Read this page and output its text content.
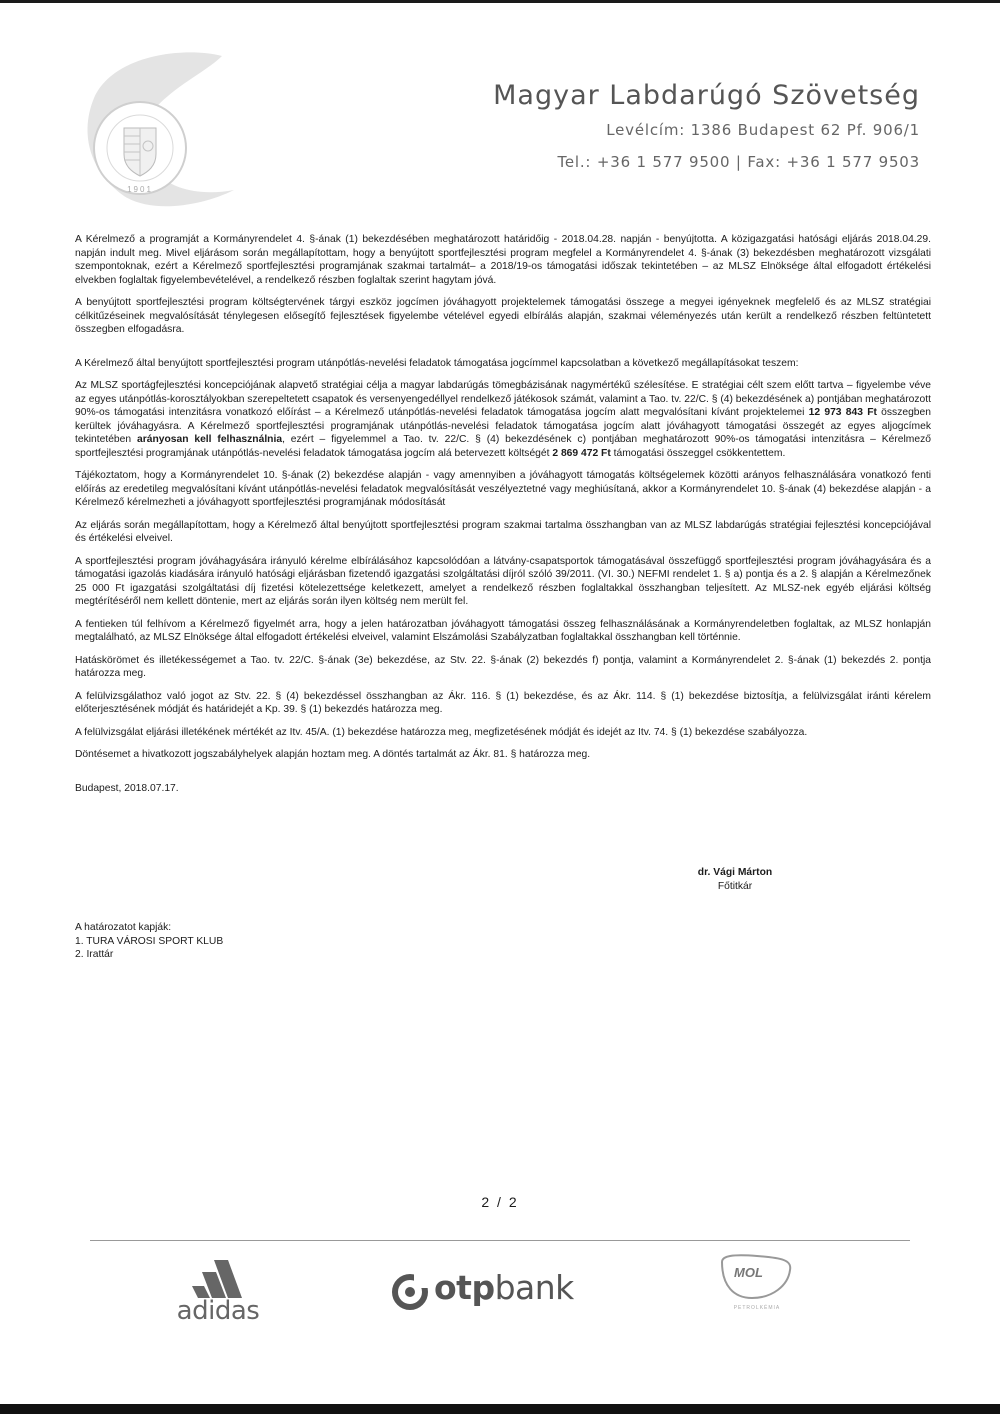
1901
Magyar Labdarúgó Szövetség
Levélcím: 1386 Budapest 62 Pf. 906/1
Tel.: +36 1 577 9500 | Fax: +36 1 577 9503

A Kérelmező a programját a Kormányrendelet 4. §-ának (1) bekezdésében meghatározott határidőig - 2018.04.28. napján - benyújtotta. A közigazgatási hatósági eljárás 2018.04.29. napján indult meg. Mivel eljárásom során megállapítottam, hogy a benyújtott sportfejlesztési program megfelel a Kormányrendelet 4. §-ának (3) bekezdésben meghatározott vizsgálati szempontoknak, ezért a Kérelmező sportfejlesztési programjának szakmai tartalmát– a 2018/19-os támogatási időszak tekintetében – az MLSZ Elnöksége által elfogadott értékelési elvekben foglaltak figyelembevételével, a rendelkező részben foglaltak szerint hagytam jóvá.

A benyújtott sportfejlesztési program költségtervének tárgyi eszköz jogcímen jóváhagyott projektelemek támogatási összege a megyei igényeknek megfelelő és az MLSZ stratégiai célkitűzéseinek megvalósítását ténylegesen elősegítő fejlesztések figyelembe vételével egyedi elbírálás alapján, szakmai véleményezés után került a rendelkező részben feltüntetett összegben elfogadásra.

A Kérelmező által benyújtott sportfejlesztési program utánpótlás-nevelési feladatok támogatása jogcímmel kapcsolatban a következő megállapításokat teszem:

Az MLSZ sportágfejlesztési koncepciójának alapvető stratégiai célja a magyar labdarúgás tömegbázisának nagymértékű szélesítése. E stratégiai célt szem előtt tartva – figyelembe véve az egyes utánpótlás-korosztályokban szerepeltetett csapatok és versenyengedéllyel rendelkező játékosok számát, valamint a Tao. tv. 22/C. § (4) bekezdésének a) pontjában meghatározott 90%-os támogatási intenzitásra vonatkozó előírást – a Kérelmező utánpótlás-nevelési feladatok támogatása jogcím alatt megvalósítani kívánt projektelemei 12 973 843 Ft összegben kerültek jóváhagyásra. A Kérelmező sportfejlesztési programjának utánpótlás-nevelési feladatok támogatása jogcím alatt jóváhagyott támogatási összegét az egyes aljogcímek tekintetében arányosan kell felhasználnia, ezért – figyelemmel a Tao. tv. 22/C. § (4) bekezdésének c) pontjában meghatározott 90%-os támogatási intenzitásra – Kérelmező sportfejlesztési programjának utánpótlás-nevelési feladatok támogatása jogcím alá betervezett költségét 2 869 472 Ft támogatási összeggel csökkentettem.

Tájékoztatom, hogy a Kormányrendelet 10. §-ának (2) bekezdése alapján - vagy amennyiben a jóváhagyott támogatás költségelemek közötti arányos felhasználására vonatkozó fenti előírás az eredetileg megvalósítani kívánt utánpótlás-nevelési feladatok megvalósítását veszélyeztetné vagy meghiúsítaná, akkor a Kormányrendelet 10. §-ának (4) bekezdése alapján - a Kérelmező kérelmezheti a jóváhagyott sportfejlesztési programjának módosítását

Az eljárás során megállapítottam, hogy a Kérelmező által benyújtott sportfejlesztési program szakmai tartalma összhangban van az MLSZ labdarúgás stratégiai fejlesztési koncepciójával és értékelési elveivel.

A sportfejlesztési program jóváhagyására irányuló kérelme elbírálásához kapcsolódóan a látvány-csapatsportok támogatásával összefüggő sportfejlesztési program jóváhagyására és a támogatási igazolás kiadására irányuló hatósági eljárásban fizetendő igazgatási szolgáltatási díjról szóló 39/2011. (VI. 30.) NEFMI rendelet 1. § a) pontja és a 2. § alapján a Kérelmezőnek 25 000 Ft igazgatási szolgáltatási díj fizetési kötelezettsége keletkezett, amelyet a rendelkező részben foglaltakkal összhangban teljesített. Az MLSZ-nek egyéb eljárási költség megtérítéséről nem kellett döntenie, mert az eljárás során ilyen költség nem merült fel.

A fentieken túl felhívom a Kérelmező figyelmét arra, hogy a jelen határozatban jóváhagyott támogatási összeg felhasználásának a Kormányrendeletben foglaltak, az MLSZ honlapján megtalálható, az MLSZ Elnöksége által elfogadott értékelési elveivel, valamint Elszámolási Szabályzatban foglaltakkal összhangban kell történnie.

Hatáskörömet és illetékességemet a Tao. tv. 22/C. §-ának (3e) bekezdése, az Stv. 22. §-ának (2) bekezdés f) pontja, valamint a Kormányrendelet 2. §-ának (1) bekezdés 2. pontja határozza meg.

A felülvizsgálathoz való jogot az Stv. 22. § (4) bekezdéssel összhangban az Ákr. 116. § (1) bekezdése, és az Ákr. 114. § (1) bekezdése biztosítja, a felülvizsgálat iránti kérelem előterjesztésének módját és határidejét a Kp. 39. § (1) bekezdés határozza meg.

A felülvizsgálat eljárási illetékének mértékét az Itv. 45/A. (1) bekezdése határozza meg, megfizetésének módját és idejét az Itv. 74. § (1) bekezdése szabályozza.

Döntésemet a hivatkozott jogszabályhelyek alapján hoztam meg. A döntés tartalmát az Ákr. 81. § határozza meg.

Budapest, 2018.07.17.

dr. Vági Márton
Főtitkár
A határozatot kapják:
1. TURA VÁROSI SPORT KLUB
2. Irattár
2 / 2
adidas
otpbank	MOL
PETROLKÉMIA
